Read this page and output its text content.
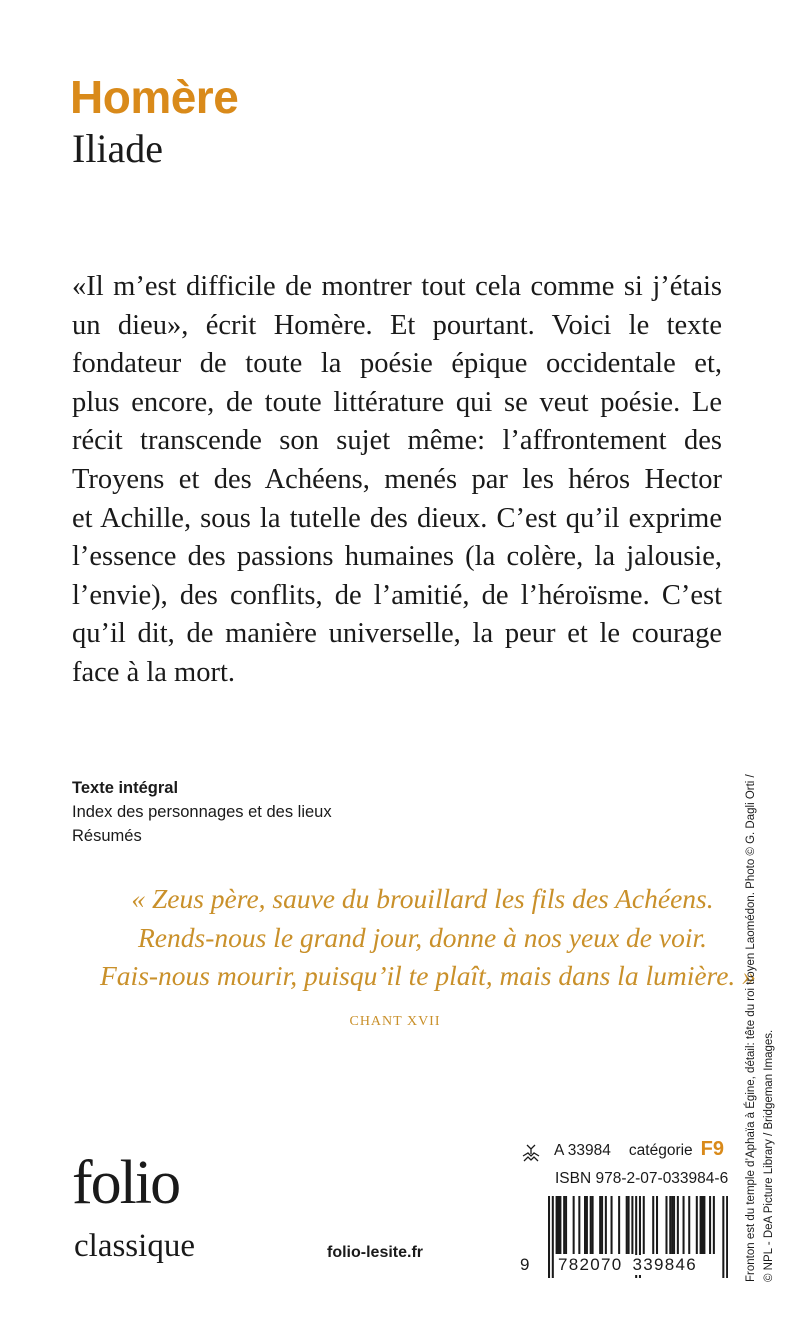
Homère
Iliade
«Il m’est difficile de montrer tout cela comme si j’étais
un dieu», écrit Homère. Et pourtant. Voici le texte
fondateur de toute la poésie épique occidentale et,
plus encore, de toute littérature qui se veut poésie. Le
récit transcende son sujet même: l’affrontement des
Troyens et des Achéens, menés par les héros Hector
et Achille, sous la tutelle des dieux. C’est qu’il exprime
l’essence des passions humaines (la colère, la jalousie,
l’envie), des conflits, de l’amitié, de l’héroïsme. C’est
qu’il dit, de manière universelle, la peur et le courage
face à la mort.
Texte intégral
Index des personnages et des lieux
Résumés
« Zeus père, sauve du brouillard les fils des Achéens.
Rends-nous le grand jour, donne à nos yeux de voir.
Fais-nous mourir, puisqu’il te plaît, mais dans la lumière. »
CHANT XVII
A 33984 catégorie F9
ISBN 978-2-07-033984-6
9	782070 339846
folio
classique	folio-lesite.fr	Fronton est du temple d’Aphaïa à Égine, détail: tête du roi troyen Laomédon. Photo © G. Dagli Orti / © NPL - DeA Picture Library / Bridgeman Images.
